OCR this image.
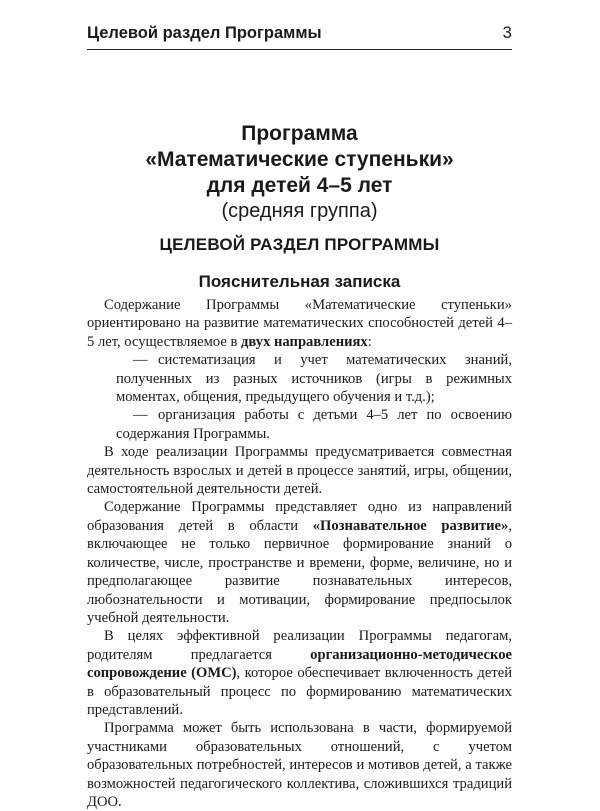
Целевой раздел Программы	3

Программа

«Математические ступеньки»

для детей 4–5 лет

(средняя группа)

ЦЕЛЕВОЙ РАЗДЕЛ ПРОГРАММЫ
Пояснительная записка

Содержание Программы «Математические ступеньки» ориентировано на развитие математических способностей детей 4–5 лет, осуществляемое в двух направлениях:

— систематизация и учет математических знаний, полученных из разных источников (игры в режимных моментах, общения, предыдущего обучения и т.д.);

— организация работы с детьми 4–5 лет по освоению содержания Программы.

В ходе реализации Программы предусматривается совместная деятельность взрослых и детей в процессе занятий, игры, общении, самостоятельной деятельности детей.

Содержание Программы представляет одно из направлений образования детей в области «Познавательное развитие», включающее не только первичное формирование знаний о количестве, числе, пространстве и времени, форме, величине, но и предполагающее развитие познавательных интересов, любознательности и мотивации, формирование предпосылок учебной деятельности.

В целях эффективной реализации Программы педагогам, родителям предлагается организационно-методическое сопровождение (ОМС), которое обеспечивает включенность детей в образовательный процесс по формированию математических представлений.

Программа может быть использована в части, формируемой участниками образовательных отношений, с учетом образовательных потребностей, интересов и мотивов детей, а также возможностей педагогического коллектива, сложившихся традиций ДОО.
